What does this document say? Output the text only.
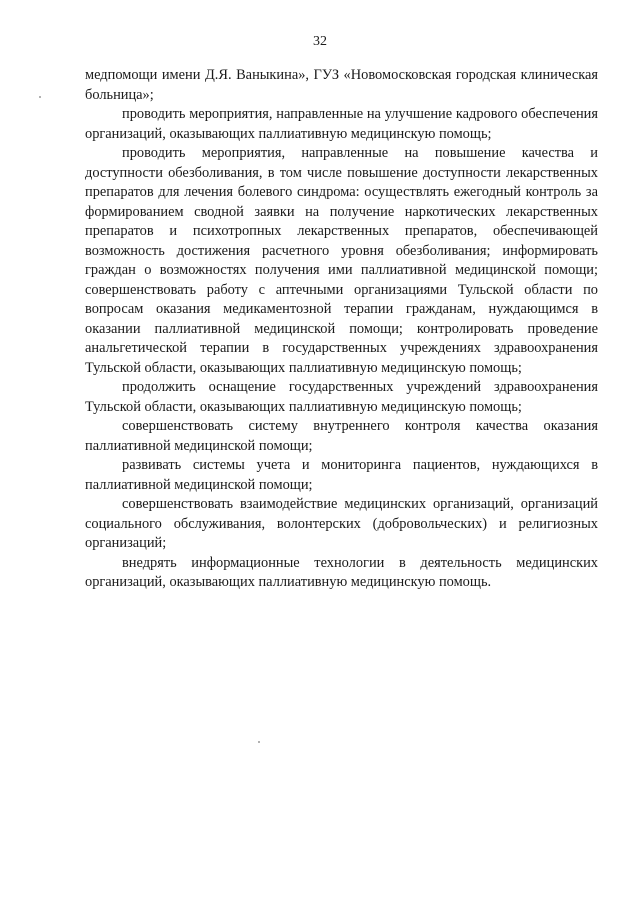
32

медпомощи имени Д.Я. Ваныкина», ГУЗ «Новомосковская городская клиническая больница»;

проводить мероприятия, направленные на улучшение кадрового обеспечения организаций, оказывающих паллиативную медицинскую помощь;

проводить мероприятия, направленные на повышение качества и доступности обезболивания, в том числе повышение доступности лекарственных препаратов для лечения болевого синдрома: осуществлять ежегодный контроль за формированием сводной заявки на получение наркотических лекарственных препаратов и психотропных лекарственных препаратов, обеспечивающей возможность достижения расчетного уровня обезболивания; информировать граждан о возможностях получения ими паллиативной медицинской помощи; совершенствовать работу с аптечными организациями Тульской области по вопросам оказания медикаментозной терапии гражданам, нуждающимся в оказании паллиативной медицинской помощи; контролировать проведение анальгетической терапии в государственных учреждениях здравоохранения Тульской области, оказывающих паллиативную медицинскую помощь;

продолжить оснащение государственных учреждений здравоохранения Тульской области, оказывающих паллиативную медицинскую помощь;

совершенствовать систему внутреннего контроля качества оказания паллиативной медицинской помощи;

развивать системы учета и мониторинга пациентов, нуждающихся в паллиативной медицинской помощи;

совершенствовать взаимодействие медицинских организаций, организаций социального обслуживания, волонтерских (добровольческих) и религиозных организаций;

внедрять информационные технологии в деятельность медицинских организаций, оказывающих паллиативную медицинскую помощь.
